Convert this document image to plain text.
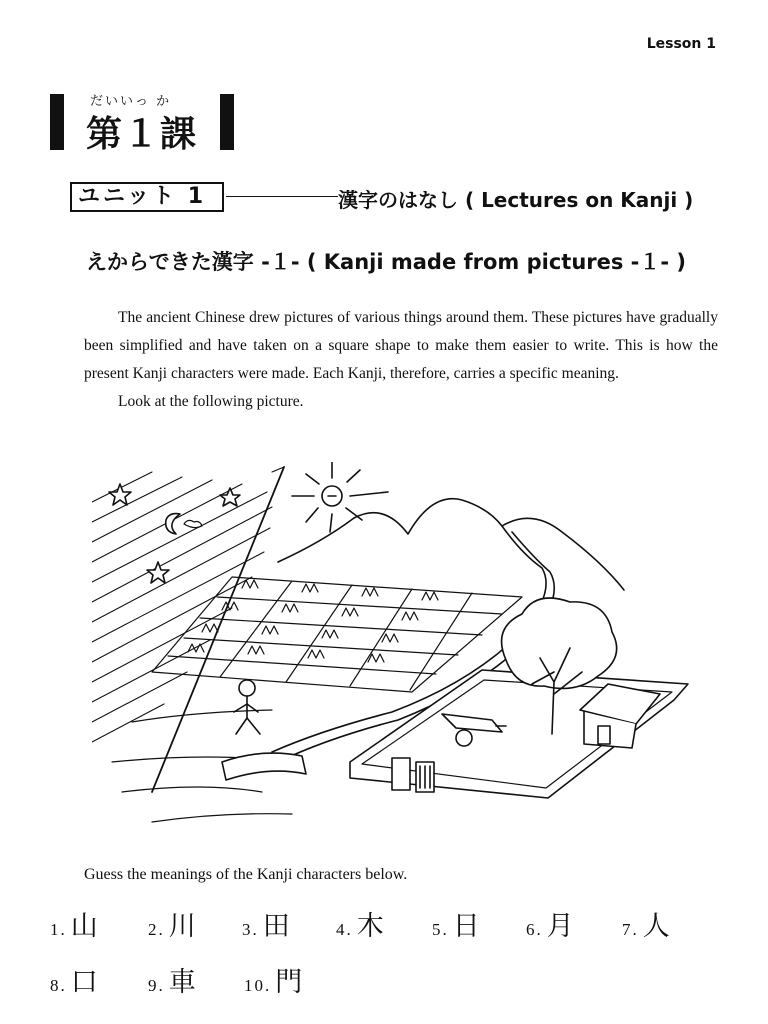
Lesson 1
だいいっ か
第１課
ユニット 1	漢字のはなし ( Lectures on Kanji )
えからできた漢字 -１- ( Kanji made from pictures -１- )

The ancient Chinese drew pictures of various things around them. These pictures have gradually been simplified and have taken on a square shape to make them easier to write. This is how the present Kanji characters were made. Each Kanji, therefore, carries a specific meaning.

Look at the following picture.

Guess the meanings of the Kanji characters below.
1. 山	2. 川	3. 田	4. 木	5. 日	6. 月	7. 人
8. 口	9. 車	10. 門
